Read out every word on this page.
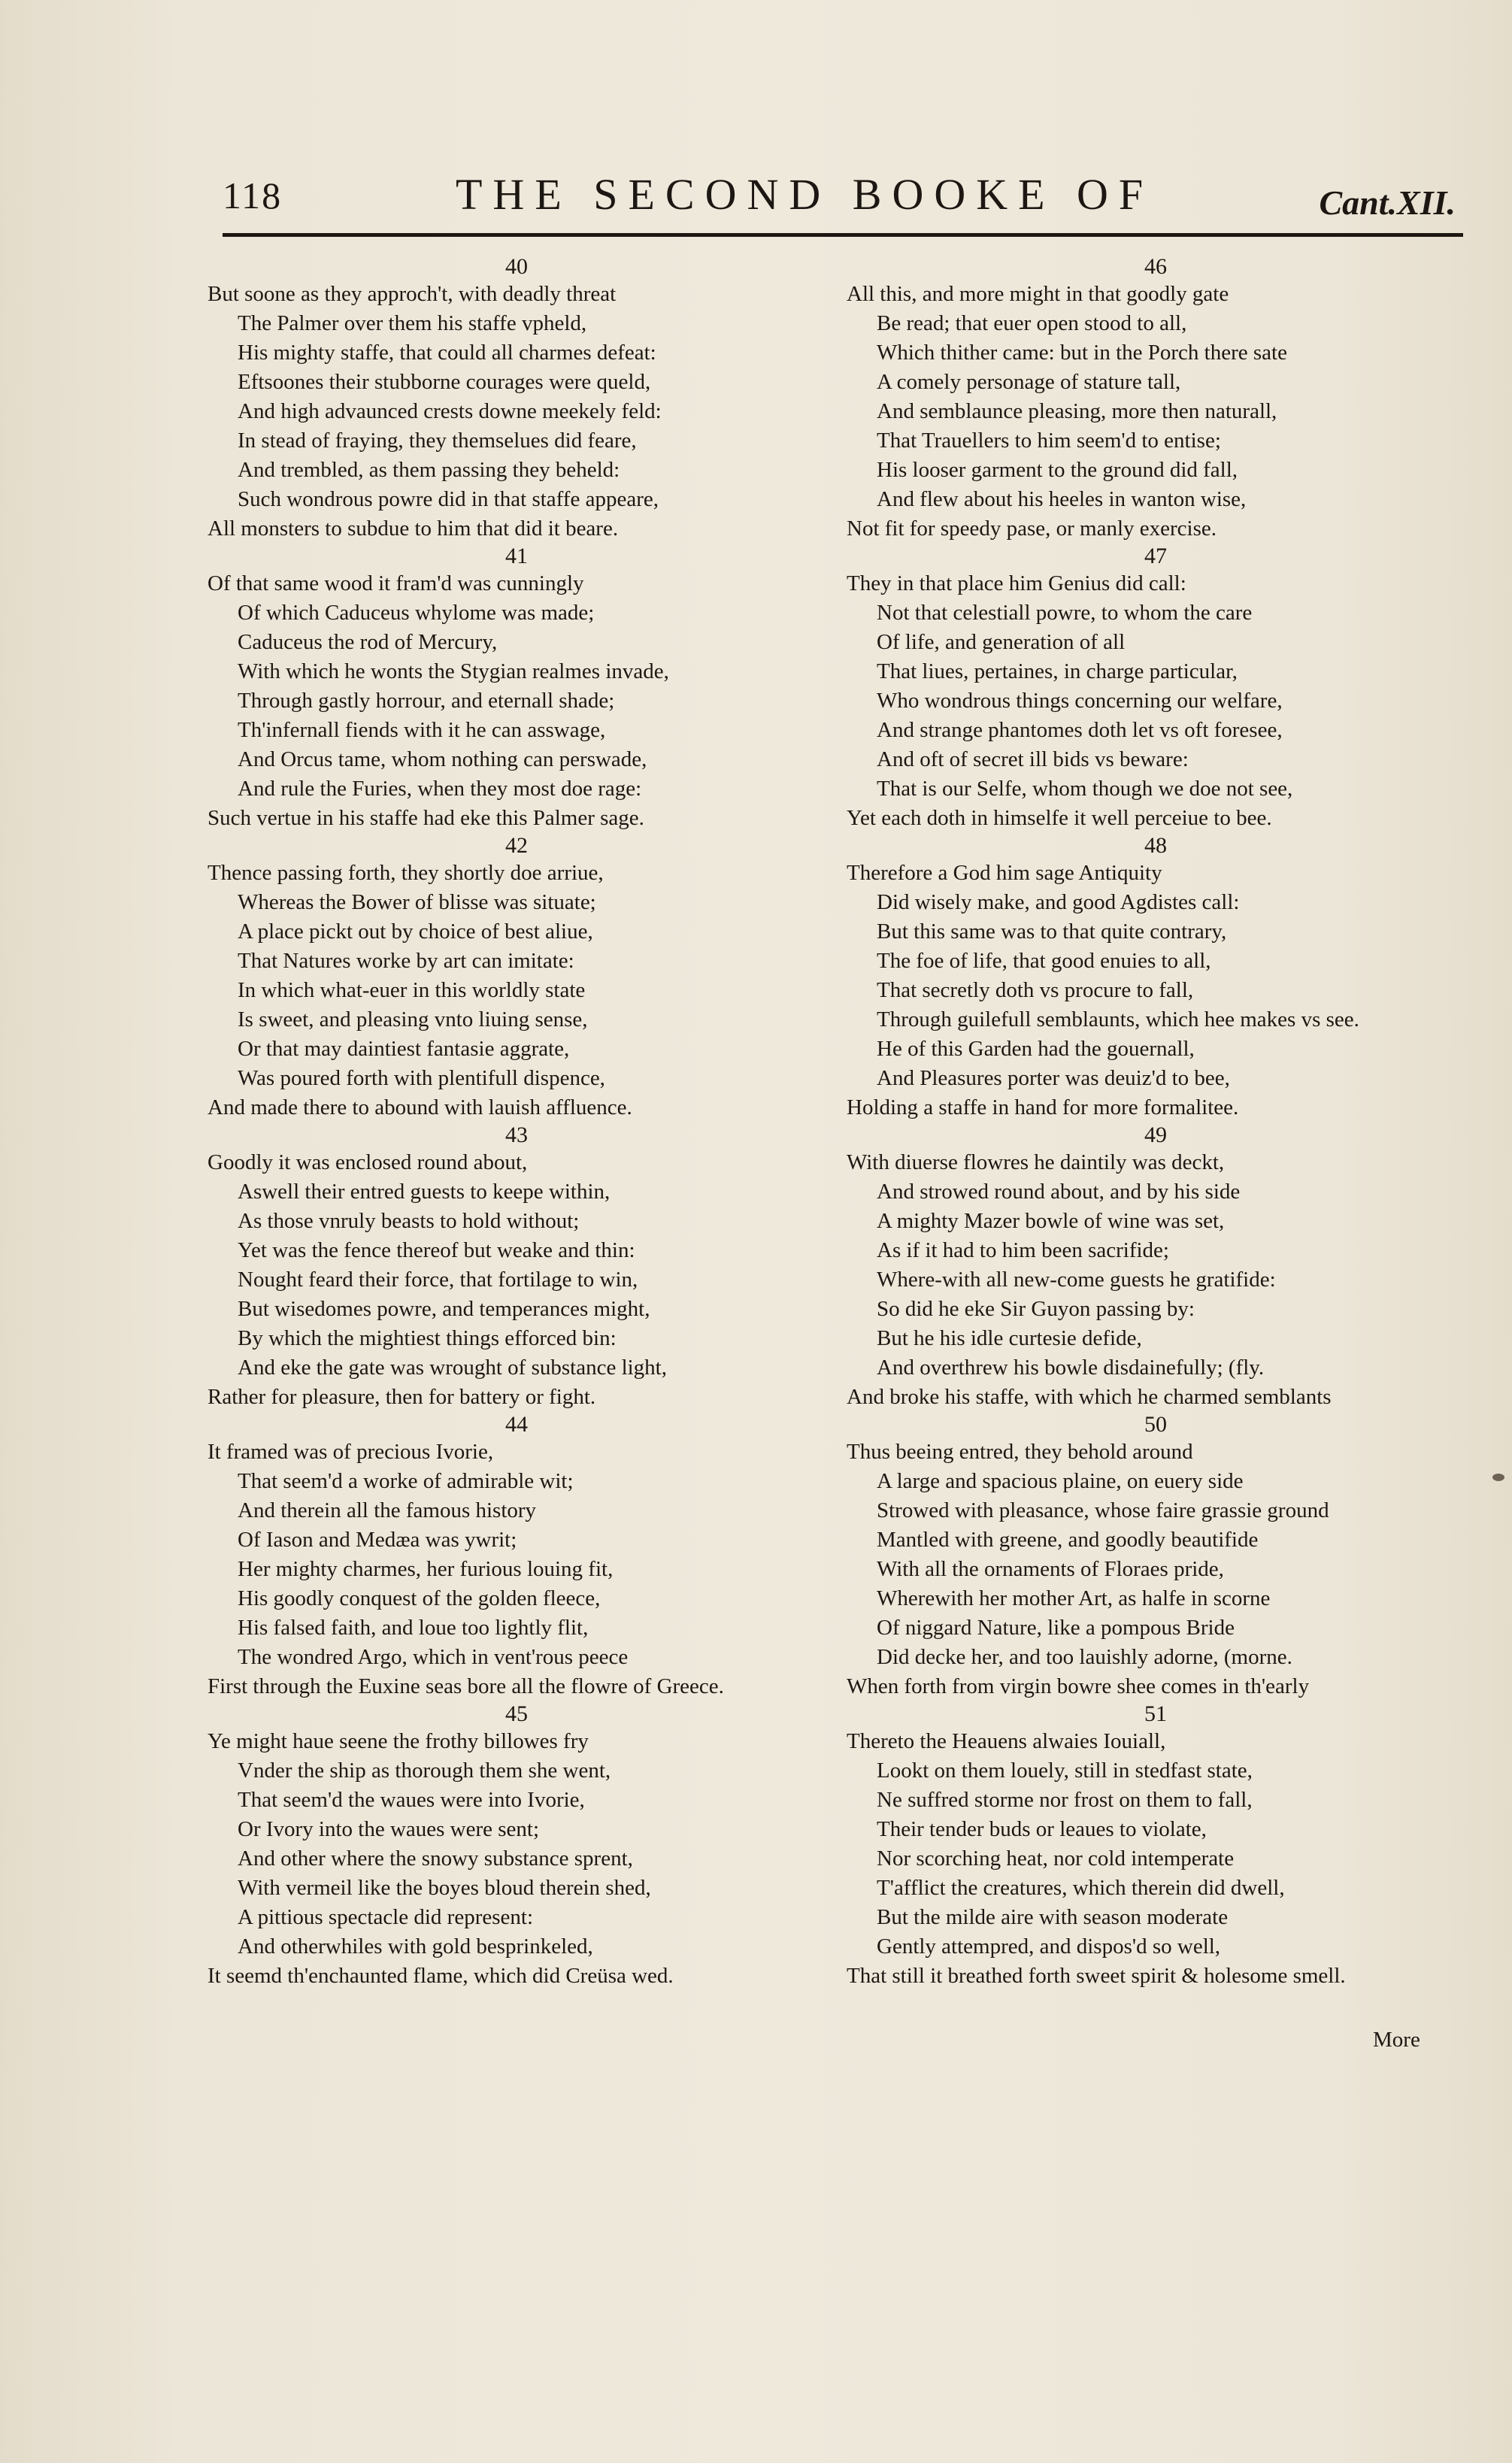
118	THE SECOND BOOKE OF	Cant.XII.
40
But soone as they approch't, with deadly threat
The Palmer over them his staffe vpheld,
His mighty staffe, that could all charmes defeat:
Eftsoones their stubborne courages were queld,
And high advaunced crests downe meekely feld:
In stead of fraying, they themselues did feare,
And trembled, as them passing they beheld:
Such wondrous powre did in that staffe appeare,
All monsters to subdue to him that did it beare.
41
Of that same wood it fram'd was cunningly
Of which Caduceus whylome was made;
Caduceus the rod of Mercury,
With which he wonts the Stygian realmes invade,
Through gastly horrour, and eternall shade;
Th'infernall fiends with it he can asswage,
And Orcus tame, whom nothing can perswade,
And rule the Furies, when they most doe rage:
Such vertue in his staffe had eke this Palmer sage.
42
Thence passing forth, they shortly doe arriue,
Whereas the Bower of blisse was situate;
A place pickt out by choice of best aliue,
That Natures worke by art can imitate:
In which what-euer in this worldly state
Is sweet, and pleasing vnto liuing sense,
Or that may daintiest fantasie aggrate,
Was poured forth with plentifull dispence,
And made there to abound with lauish affluence.
43
Goodly it was enclosed round about,
Aswell their entred guests to keepe within,
As those vnruly beasts to hold without;
Yet was the fence thereof but weake and thin:
Nought feard their force, that fortilage to win,
But wisedomes powre, and temperances might,
By which the mightiest things efforced bin:
And eke the gate was wrought of substance light,
Rather for pleasure, then for battery or fight.
44
It framed was of precious Ivorie,
That seem'd a worke of admirable wit;
And therein all the famous history
Of Iason and Medæa was ywrit;
Her mighty charmes, her furious louing fit,
His goodly conquest of the golden fleece,
His falsed faith, and loue too lightly flit,
The wondred Argo, which in vent'rous peece
First through the Euxine seas bore all the flowre of Greece.
45
Ye might haue seene the frothy billowes fry
Vnder the ship as thorough them she went,
That seem'd the waues were into Ivorie,
Or Ivory into the waues were sent;
And other where the snowy substance sprent,
With vermeil like the boyes bloud therein shed,
A pittious spectacle did represent:
And otherwhiles with gold besprinkeled,
It seemd th'enchaunted flame, which did Creüsa wed.
46
All this, and more might in that goodly gate
Be read; that euer open stood to all,
Which thither came: but in the Porch there sate
A comely personage of stature tall,
And semblaunce pleasing, more then naturall,
That Trauellers to him seem'd to entise;
His looser garment to the ground did fall,
And flew about his heeles in wanton wise,
Not fit for speedy pase, or manly exercise.
47
They in that place him Genius did call:
Not that celestiall powre, to whom the care
Of life, and generation of all
That liues, pertaines, in charge particular,
Who wondrous things concerning our welfare,
And strange phantomes doth let vs oft foresee,
And oft of secret ill bids vs beware:
That is our Selfe, whom though we doe not see,
Yet each doth in himselfe it well perceiue to bee.
48
Therefore a God him sage Antiquity
Did wisely make, and good Agdistes call:
But this same was to that quite contrary,
The foe of life, that good enuies to all,
That secretly doth vs procure to fall,
Through guilefull semblaunts, which hee makes vs see.
He of this Garden had the gouernall,
And Pleasures porter was deuiz'd to bee,
Holding a staffe in hand for more formalitee.
49
With diuerse flowres he daintily was deckt,
And strowed round about, and by his side
A mighty Mazer bowle of wine was set,
As if it had to him been sacrifide;
Where-with all new-come guests he gratifide:
So did he eke Sir Guyon passing by:
But he his idle curtesie defide,
And overthrew his bowle disdainefully; (fly.
And broke his staffe, with which he charmed semblants
50
Thus beeing entred, they behold around
A large and spacious plaine, on euery side
Strowed with pleasance, whose faire grassie ground
Mantled with greene, and goodly beautifide
With all the ornaments of Floraes pride,
Wherewith her mother Art, as halfe in scorne
Of niggard Nature, like a pompous Bride
Did decke her, and too lauishly adorne, (morne.
When forth from virgin bowre shee comes in th'early
51
Thereto the Heauens alwaies Iouiall,
Lookt on them louely, still in stedfast state,
Ne suffred storme nor frost on them to fall,
Their tender buds or leaues to violate,
Nor scorching heat, nor cold intemperate
T'afflict the creatures, which therein did dwell,
But the milde aire with season moderate
Gently attempred, and dispos'd so well,
That still it breathed forth sweet spirit & holesome smell.
More
